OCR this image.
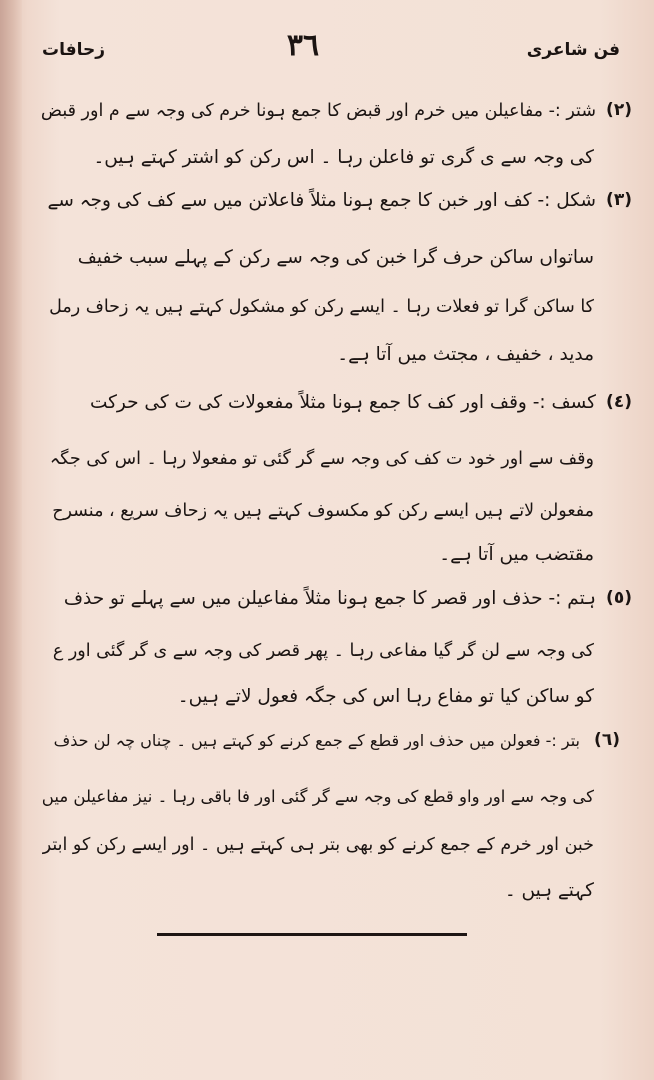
فن شاعری
٣٦
زحافات
(٢)
شتر :- مفاعیلن میں خرم اور قبض کا جمع ہونا خرم کی وجہ سے م اور قبض
کی وجہ سے ی گری تو فاعلن رہا ۔ اس رکن کو اشتر کہتے ہیں۔
(٣)
شکل :- کف اور خبن کا جمع ہونا مثلاً فاعلاتن میں سے کف کی وجہ سے
ساتواں ساکن حرف گرا خبن کی وجہ سے رکن کے پہلے سبب خفیف
کا ساکن گرا تو فعلات رہا ۔ ایسے رکن کو مشکول کہتے ہیں یہ زحاف رمل
مدید ، خفیف ، مجتث میں آتا ہے۔
(٤)
کسف :- وقف اور کف کا جمع ہونا مثلاً مفعولات کی ت کی حرکت
وقف سے اور خود ت کف کی وجہ سے گر گئی تو مفعولا رہا ۔ اس کی جگہ
مفعولن لاتے ہیں ایسے رکن کو مکسوف کہتے ہیں یہ زحاف سریع ، منسرح
مقتضب میں آتا ہے۔
(٥)
ہتم :- حذف اور قصر کا جمع ہونا مثلاً مفاعیلن میں سے پہلے تو حذف
کی وجہ سے لن گر گیا مفاعی رہا ۔ پھر قصر کی وجہ سے ی گر گئی اور ع
کو ساکن کیا تو مفاع رہا اس کی جگہ فعول لاتے ہیں۔
(٦)
بتر :- فعولن میں حذف اور قطع کے جمع کرنے کو کہتے ہیں ۔ چناں چہ لن حذف
کی وجہ سے اور واو قطع کی وجہ سے گر گئی اور فا باقی رہا ۔ نیز مفاعیلن میں
خبن اور خرم کے جمع کرنے کو بھی بتر ہی کہتے ہیں ۔ اور ایسے رکن کو ابتر
کہتے ہیں ۔
